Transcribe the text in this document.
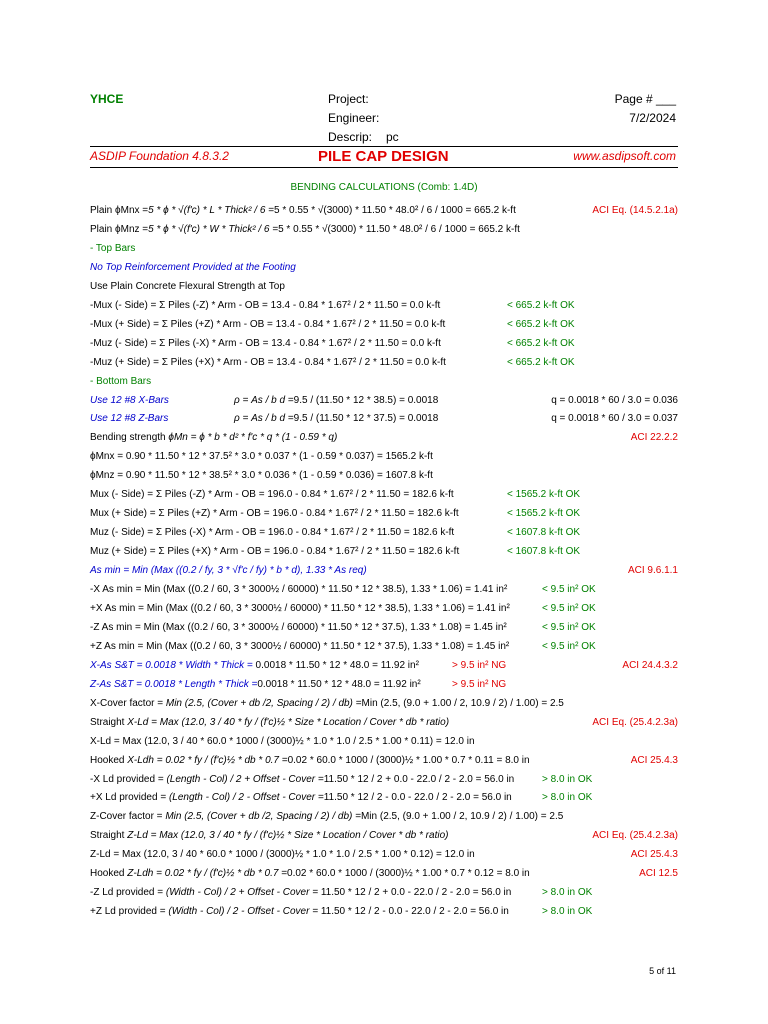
YHCE	Project:
Engineer:
Descrip: pc
Page # ___
7/2/2024
ASDIP Foundation 4.8.3.2	PILE CAP DESIGN	www.asdipsoft.com
BENDING CALCULATIONS (Comb: 1.4D)
Plain ϕMnx =5 * ϕ * √(f'c) * L * Thick² / 6 =5 * 0.55 * √(3000) * 11.50 * 48.0² / 6 / 1000 = 665.2 k-ft	ACI Eq. (14.5.2.1a)
Plain ϕMnz =5 * ϕ * √(f'c) * W * Thick² / 6 =5 * 0.55 * √(3000) * 11.50 * 48.0² / 6 / 1000 = 665.2 k-ft
- Top Bars
No Top Reinforcement Provided at the Footing
Use Plain Concrete Flexural Strength at Top
-Mux (- Side) = Σ Piles (-Z) * Arm - OB = 13.4 - 0.84 * 1.67² / 2 * 11.50 = 0.0 k-ft	< 665.2 k-ft OK
-Mux (+ Side) = Σ Piles (+Z) * Arm - OB = 13.4 - 0.84 * 1.67² / 2 * 11.50 = 0.0 k-ft	< 665.2 k-ft OK
-Muz (- Side) = Σ Piles (-X) * Arm - OB = 13.4 - 0.84 * 1.67² / 2 * 11.50 = 0.0 k-ft	< 665.2 k-ft OK
-Muz (+ Side) = Σ Piles (+X) * Arm - OB = 13.4 - 0.84 * 1.67² / 2 * 11.50 = 0.0 k-ft	< 665.2 k-ft OK
- Bottom Bars
Use 12 #8 X-Bars	ρ = As / b d =9.5 / (11.50 * 12 * 38.5) = 0.0018	q = 0.0018 * 60 / 3.0 = 0.036
Use 12 #8 Z-Bars	ρ = As / b d =9.5 / (11.50 * 12 * 37.5) = 0.0018	q = 0.0018 * 60 / 3.0 = 0.037
Bending strength ϕMn = ϕ * b * d² * f'c * q * (1 - 0.59 * q)	ACI 22.2.2
ϕMnx = 0.90 * 11.50 * 12 * 37.5² * 3.0 * 0.037 * (1 - 0.59 * 0.037) = 1565.2 k-ft
ϕMnz = 0.90 * 11.50 * 12 * 38.5² * 3.0 * 0.036 * (1 - 0.59 * 0.036) = 1607.8 k-ft
Mux (- Side) = Σ Piles (-Z) * Arm - OB = 196.0 - 0.84 * 1.67² / 2 * 11.50 = 182.6 k-ft	< 1565.2 k-ft OK
Mux (+ Side) = Σ Piles (+Z) * Arm - OB = 196.0 - 0.84 * 1.67² / 2 * 11.50 = 182.6 k-ft	< 1565.2 k-ft OK
Muz (- Side) = Σ Piles (-X) * Arm - OB = 196.0 - 0.84 * 1.67² / 2 * 11.50 = 182.6 k-ft	< 1607.8 k-ft OK
Muz (+ Side) = Σ Piles (+X) * Arm - OB = 196.0 - 0.84 * 1.67² / 2 * 11.50 = 182.6 k-ft	< 1607.8 k-ft OK
As min = Min (Max ((0.2 / fy, 3 * √f'c / fy) * b * d), 1.33 * As req)	ACI 9.6.1.1
-X As min = Min (Max ((0.2 / 60, 3 * 3000½ / 60000) * 11.50 * 12 * 38.5), 1.33 * 1.06) = 1.41 in²	< 9.5 in² OK
+X As min = Min (Max ((0.2 / 60, 3 * 3000½ / 60000) * 11.50 * 12 * 38.5), 1.33 * 1.06) = 1.41 in²	< 9.5 in² OK
-Z As min = Min (Max ((0.2 / 60, 3 * 3000½ / 60000) * 11.50 * 12 * 37.5), 1.33 * 1.08) = 1.45 in²	< 9.5 in² OK
+Z As min = Min (Max ((0.2 / 60, 3 * 3000½ / 60000) * 11.50 * 12 * 37.5), 1.33 * 1.08) = 1.45 in²	< 9.5 in² OK
X-As S&T = 0.0018 * Width * Thick = 0.0018 * 11.50 * 12 * 48.0 = 11.92 in²	> 9.5 in² NG	ACI 24.4.3.2
Z-As S&T = 0.0018 * Length * Thick =0.0018 * 11.50 * 12 * 48.0 = 11.92 in²	> 9.5 in² NG
X-Cover factor = Min (2.5, (Cover + db /2, Spacing / 2) / db) =Min (2.5, (9.0 + 1.00 / 2, 10.9 / 2) / 1.00) = 2.5
Straight X-Ld = Max (12.0, 3 / 40 * fy / (f'c)½ * Size * Location / Cover * db * ratio)	ACI Eq. (25.4.2.3a)
X-Ld = Max (12.0, 3 / 40 * 60.0 * 1000 / (3000)½ * 1.0 * 1.0 / 2.5 * 1.00 * 0.11) = 12.0 in
Hooked X-Ldh = 0.02 * fy / (f'c)½ * db * 0.7 =0.02 * 60.0 * 1000 / (3000)½ * 1.00 * 0.7 * 0.11 = 8.0 in	ACI 25.4.3
-X Ld provided = (Length - Col) / 2 + Offset - Cover =11.50 * 12 / 2 + 0.0 - 22.0 / 2 - 2.0 = 56.0 in	> 8.0 in OK
+X Ld provided = (Length - Col) / 2 - Offset - Cover =11.50 * 12 / 2 - 0.0 - 22.0 / 2 - 2.0 = 56.0 in	> 8.0 in OK
Z-Cover factor = Min (2.5, (Cover + db /2, Spacing / 2) / db) =Min (2.5, (9.0 + 1.00 / 2, 10.9 / 2) / 1.00) = 2.5
Straight Z-Ld = Max (12.0, 3 / 40 * fy / (f'c)½ * Size * Location / Cover * db * ratio)	ACI Eq. (25.4.2.3a)
Z-Ld = Max (12.0, 3 / 40 * 60.0 * 1000 / (3000)½ * 1.0 * 1.0 / 2.5 * 1.00 * 0.12) = 12.0 in	ACI 25.4.3
Hooked Z-Ldh = 0.02 * fy / (f'c)½ * db * 0.7 =0.02 * 60.0 * 1000 / (3000)½ * 1.00 * 0.7 * 0.12 = 8.0 in	ACI 12.5
-Z Ld provided = (Width - Col) / 2 + Offset - Cover = 11.50 * 12 / 2 + 0.0 - 22.0 / 2 - 2.0 = 56.0 in	> 8.0 in OK
+Z Ld provided = (Width - Col) / 2 - Offset - Cover = 11.50 * 12 / 2 - 0.0 - 22.0 / 2 - 2.0 = 56.0 in	> 8.0 in OK
5 of 11
